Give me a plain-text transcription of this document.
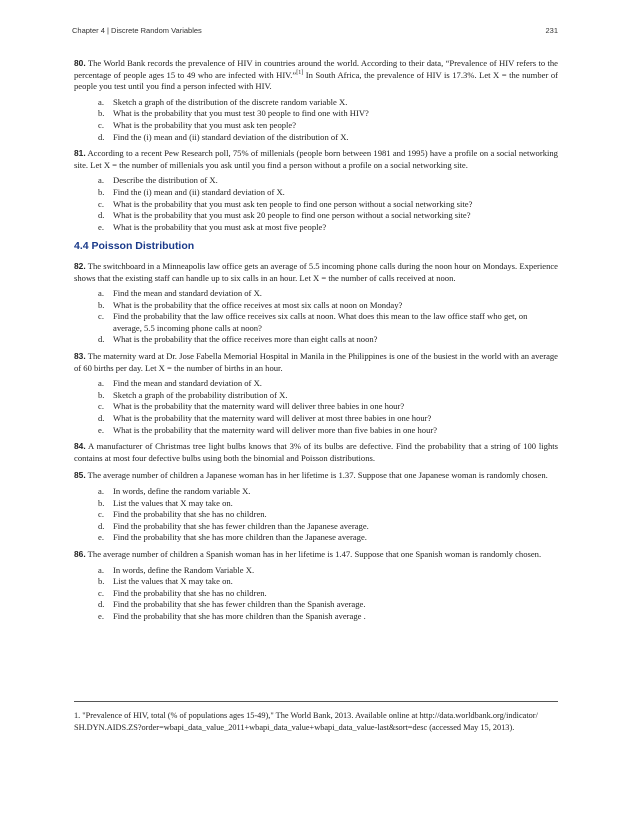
Chapter 4 | Discrete Random Variables	231

80. The World Bank records the prevalence of HIV in countries around the world. According to their data, “Prevalence of HIV refers to the percentage of people ages 15 to 49 who are infected with HIV.”[1] In South Africa, the prevalence of HIV is 17.3%. Let X = the number of people you test until you find a person infected with HIV.

a. Sketch a graph of the distribution of the discrete random variable X.
b. What is the probability that you must test 30 people to find one with HIV?
c. What is the probability that you must ask ten people?
d. Find the (i) mean and (ii) standard deviation of the distribution of X.

81. According to a recent Pew Research poll, 75% of millenials (people born between 1981 and 1995) have a profile on a social networking site. Let X = the number of millenials you ask until you find a person without a profile on a social networking site.

a. Describe the distribution of X.
b. Find the (i) mean and (ii) standard deviation of X.
c. What is the probability that you must ask ten people to find one person without a social networking site?
d. What is the probability that you must ask 20 people to find one person without a social networking site?
e. What is the probability that you must ask at most five people?
4.4 Poisson Distribution

82. The switchboard in a Minneapolis law office gets an average of 5.5 incoming phone calls during the noon hour on Mondays. Experience shows that the existing staff can handle up to six calls in an hour. Let X = the number of calls received at noon.

a. Find the mean and standard deviation of X.
b. What is the probability that the office receives at most six calls at noon on Monday?
c. Find the probability that the law office receives six calls at noon. What does this mean to the law office staff who get, on average, 5.5 incoming phone calls at noon?
d. What is the probability that the office receives more than eight calls at noon?

83. The maternity ward at Dr. Jose Fabella Memorial Hospital in Manila in the Philippines is one of the busiest in the world with an average of 60 births per day. Let X = the number of births in an hour.

a. Find the mean and standard deviation of X.
b. Sketch a graph of the probability distribution of X.
c. What is the probability that the maternity ward will deliver three babies in one hour?
d. What is the probability that the maternity ward will deliver at most three babies in one hour?
e. What is the probability that the maternity ward will deliver more than five babies in one hour?

84. A manufacturer of Christmas tree light bulbs knows that 3% of its bulbs are defective. Find the probability that a string of 100 lights contains at most four defective bulbs using both the binomial and Poisson distributions.

85. The average number of children a Japanese woman has in her lifetime is 1.37. Suppose that one Japanese woman is randomly chosen.

a. In words, define the random variable X.
b. List the values that X may take on.
c. Find the probability that she has no children.
d. Find the probability that she has fewer children than the Japanese average.
e. Find the probability that she has more children than the Japanese average.

86. The average number of children a Spanish woman has in her lifetime is 1.47. Suppose that one Spanish woman is randomly chosen.

a. In words, define the Random Variable X.
b. List the values that X may take on.
c. Find the probability that she has no children.
d. Find the probability that she has fewer children than the Spanish average.
e. Find the probability that she has more children than the Spanish average .

1. "Prevalence of HIV, total (% of populations ages 15-49)," The World Bank, 2013. Available online at http://data.worldbank.org/indicator/ SH.DYN.AIDS.ZS?order=wbapi_data_value_2011+wbapi_data_value+wbapi_data_value-last&sort=desc (accessed May 15, 2013).
